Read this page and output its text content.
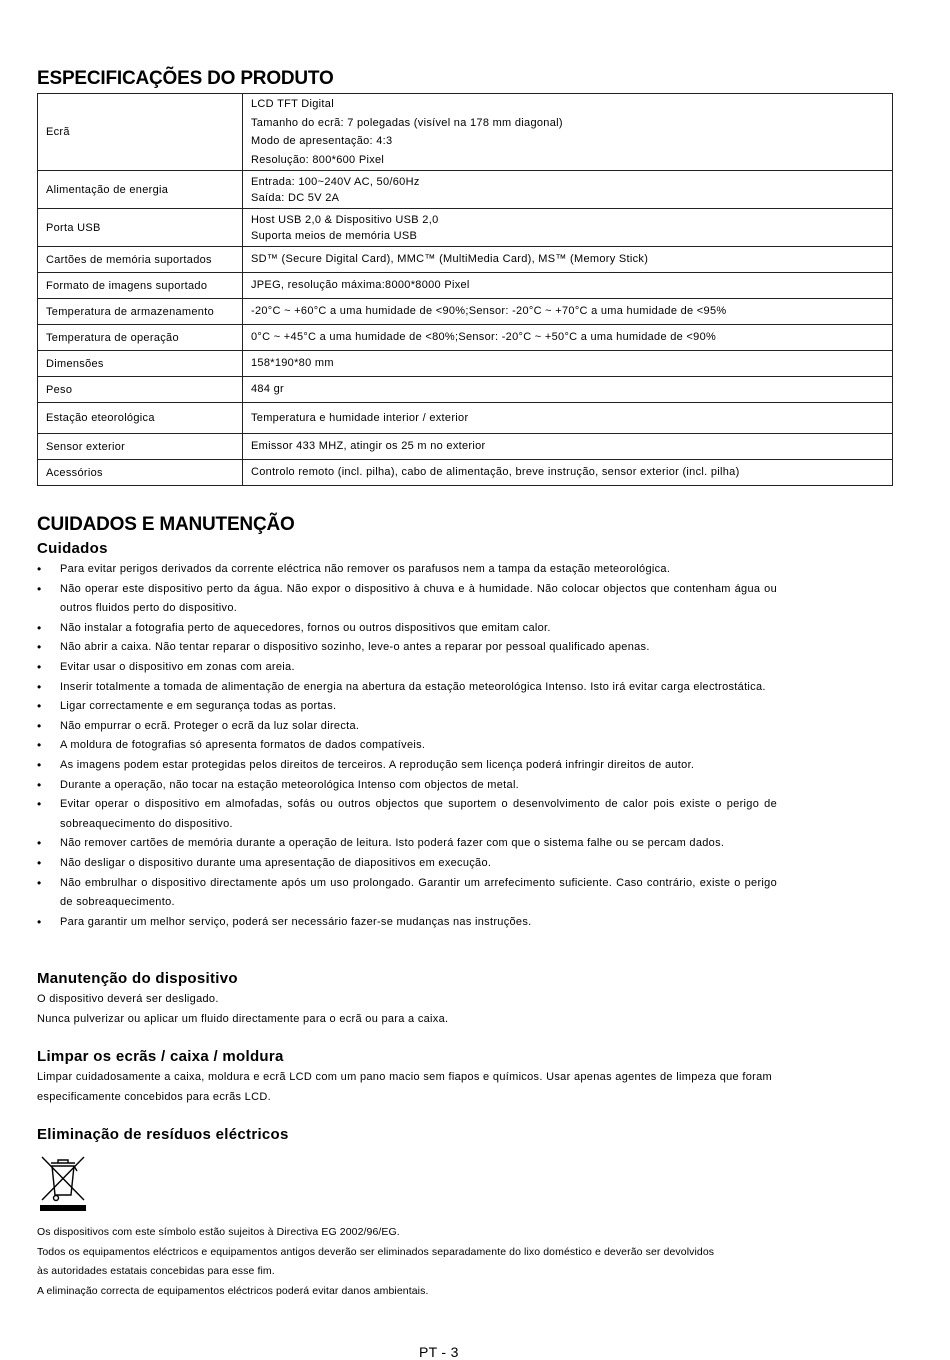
ESPECIFICAÇÕES DO PRODUTO
Ecrã	LCD TFT Digital
Tamanho do ecrã: 7 polegadas (visível na 178 mm diagonal)
Modo de apresentação: 4:3
Resolução: 800*600 Pixel

Alimentação de energia	Entrada: 100~240V AC, 50/60Hz
Saída: DC 5V 2A

Porta USB	Host USB 2,0 & Dispositivo USB 2,0
Suporta meios de memória USB

Cartões de memória suportados	SD™ (Secure Digital Card), MMC™ (MultiMedia Card), MS™ (Memory Stick)

Formato de imagens suportado	JPEG, resolução máxima:8000*8000 Pixel

Temperatura de armazenamento	-20°C ~ +60°C a uma humidade de <90%;Sensor: -20°C ~ +70°C a uma humidade de <95%

Temperatura de operação	0°C ~ +45°C a uma humidade de <80%;Sensor: -20°C ~ +50°C a uma humidade de <90%

Dimensões	158*190*80 mm

Peso	484 gr

Estação eteorológica	Temperatura e humidade interior / exterior

Sensor exterior	Emissor 433 MHZ, atingir os 25 m no exterior

Acessórios	Controlo remoto (incl. pilha), cabo de alimentação, breve instrução, sensor exterior (incl. pilha)
CUIDADOS E MANUTENÇÃO
Cuidados
• Para evitar perigos derivados da corrente eléctrica não remover os parafusos nem a tampa da estação meteorológica.
• Não operar este dispositivo perto da água. Não expor o dispositivo à chuva e à humidade. Não colocar objectos que contenham água ou outros fluidos perto do dispositivo.
• Não instalar a fotografia perto de aquecedores, fornos ou outros dispositivos que emitam calor.
• Não abrir a caixa. Não tentar reparar o dispositivo sozinho, leve-o antes a reparar por pessoal qualificado apenas.
• Evitar usar o dispositivo em zonas com areia.
• Inserir totalmente a tomada de alimentação de energia na abertura da estação meteorológica Intenso. Isto irá evitar carga electrostática.
• Ligar correctamente e em segurança todas as portas.
• Não empurrar o ecrã. Proteger o ecrã da luz solar directa.
• A moldura de fotografias só apresenta formatos de dados compatíveis.
• As imagens podem estar protegidas pelos direitos de terceiros. A reprodução sem licença poderá infringir direitos de autor.
• Durante a operação, não tocar na estação meteorológica Intenso com objectos de metal.
• Evitar operar o dispositivo em almofadas, sofás ou outros objectos que suportem o desenvolvimento de calor pois existe o perigo de sobreaquecimento do dispositivo.
• Não remover cartões de memória durante a operação de leitura. Isto poderá fazer com que o sistema falhe ou se percam dados.
• Não desligar o dispositivo durante uma apresentação de diapositivos em execução.
• Não embrulhar o dispositivo directamente após um uso prolongado. Garantir um arrefecimento suficiente. Caso contrário, existe o perigo de sobreaquecimento.
• Para garantir um melhor serviço, poderá ser necessário fazer-se mudanças nas instruções.
Manutenção do dispositivo
O dispositivo deverá ser desligado.
Nunca pulverizar ou aplicar um fluido directamente para o ecrã ou para a caixa.
Limpar os ecrãs / caixa / moldura

Limpar cuidadosamente a caixa, moldura e ecrã LCD com um pano macio sem fiapos e químicos. Usar apenas agentes de limpeza que foram especificamente concebidos para ecrãs LCD.

Eliminação de resíduos eléctricos
Os dispositivos com este símbolo estão sujeitos à Directiva EG 2002/96/EG.
Todos os equipamentos eléctricos e equipamentos antigos deverão ser eliminados separadamente do lixo doméstico e deverão ser devolvidos
às autoridades estatais concebidas para esse fim.
A eliminação correcta de equipamentos eléctricos poderá evitar danos ambientais.
PT - 3
